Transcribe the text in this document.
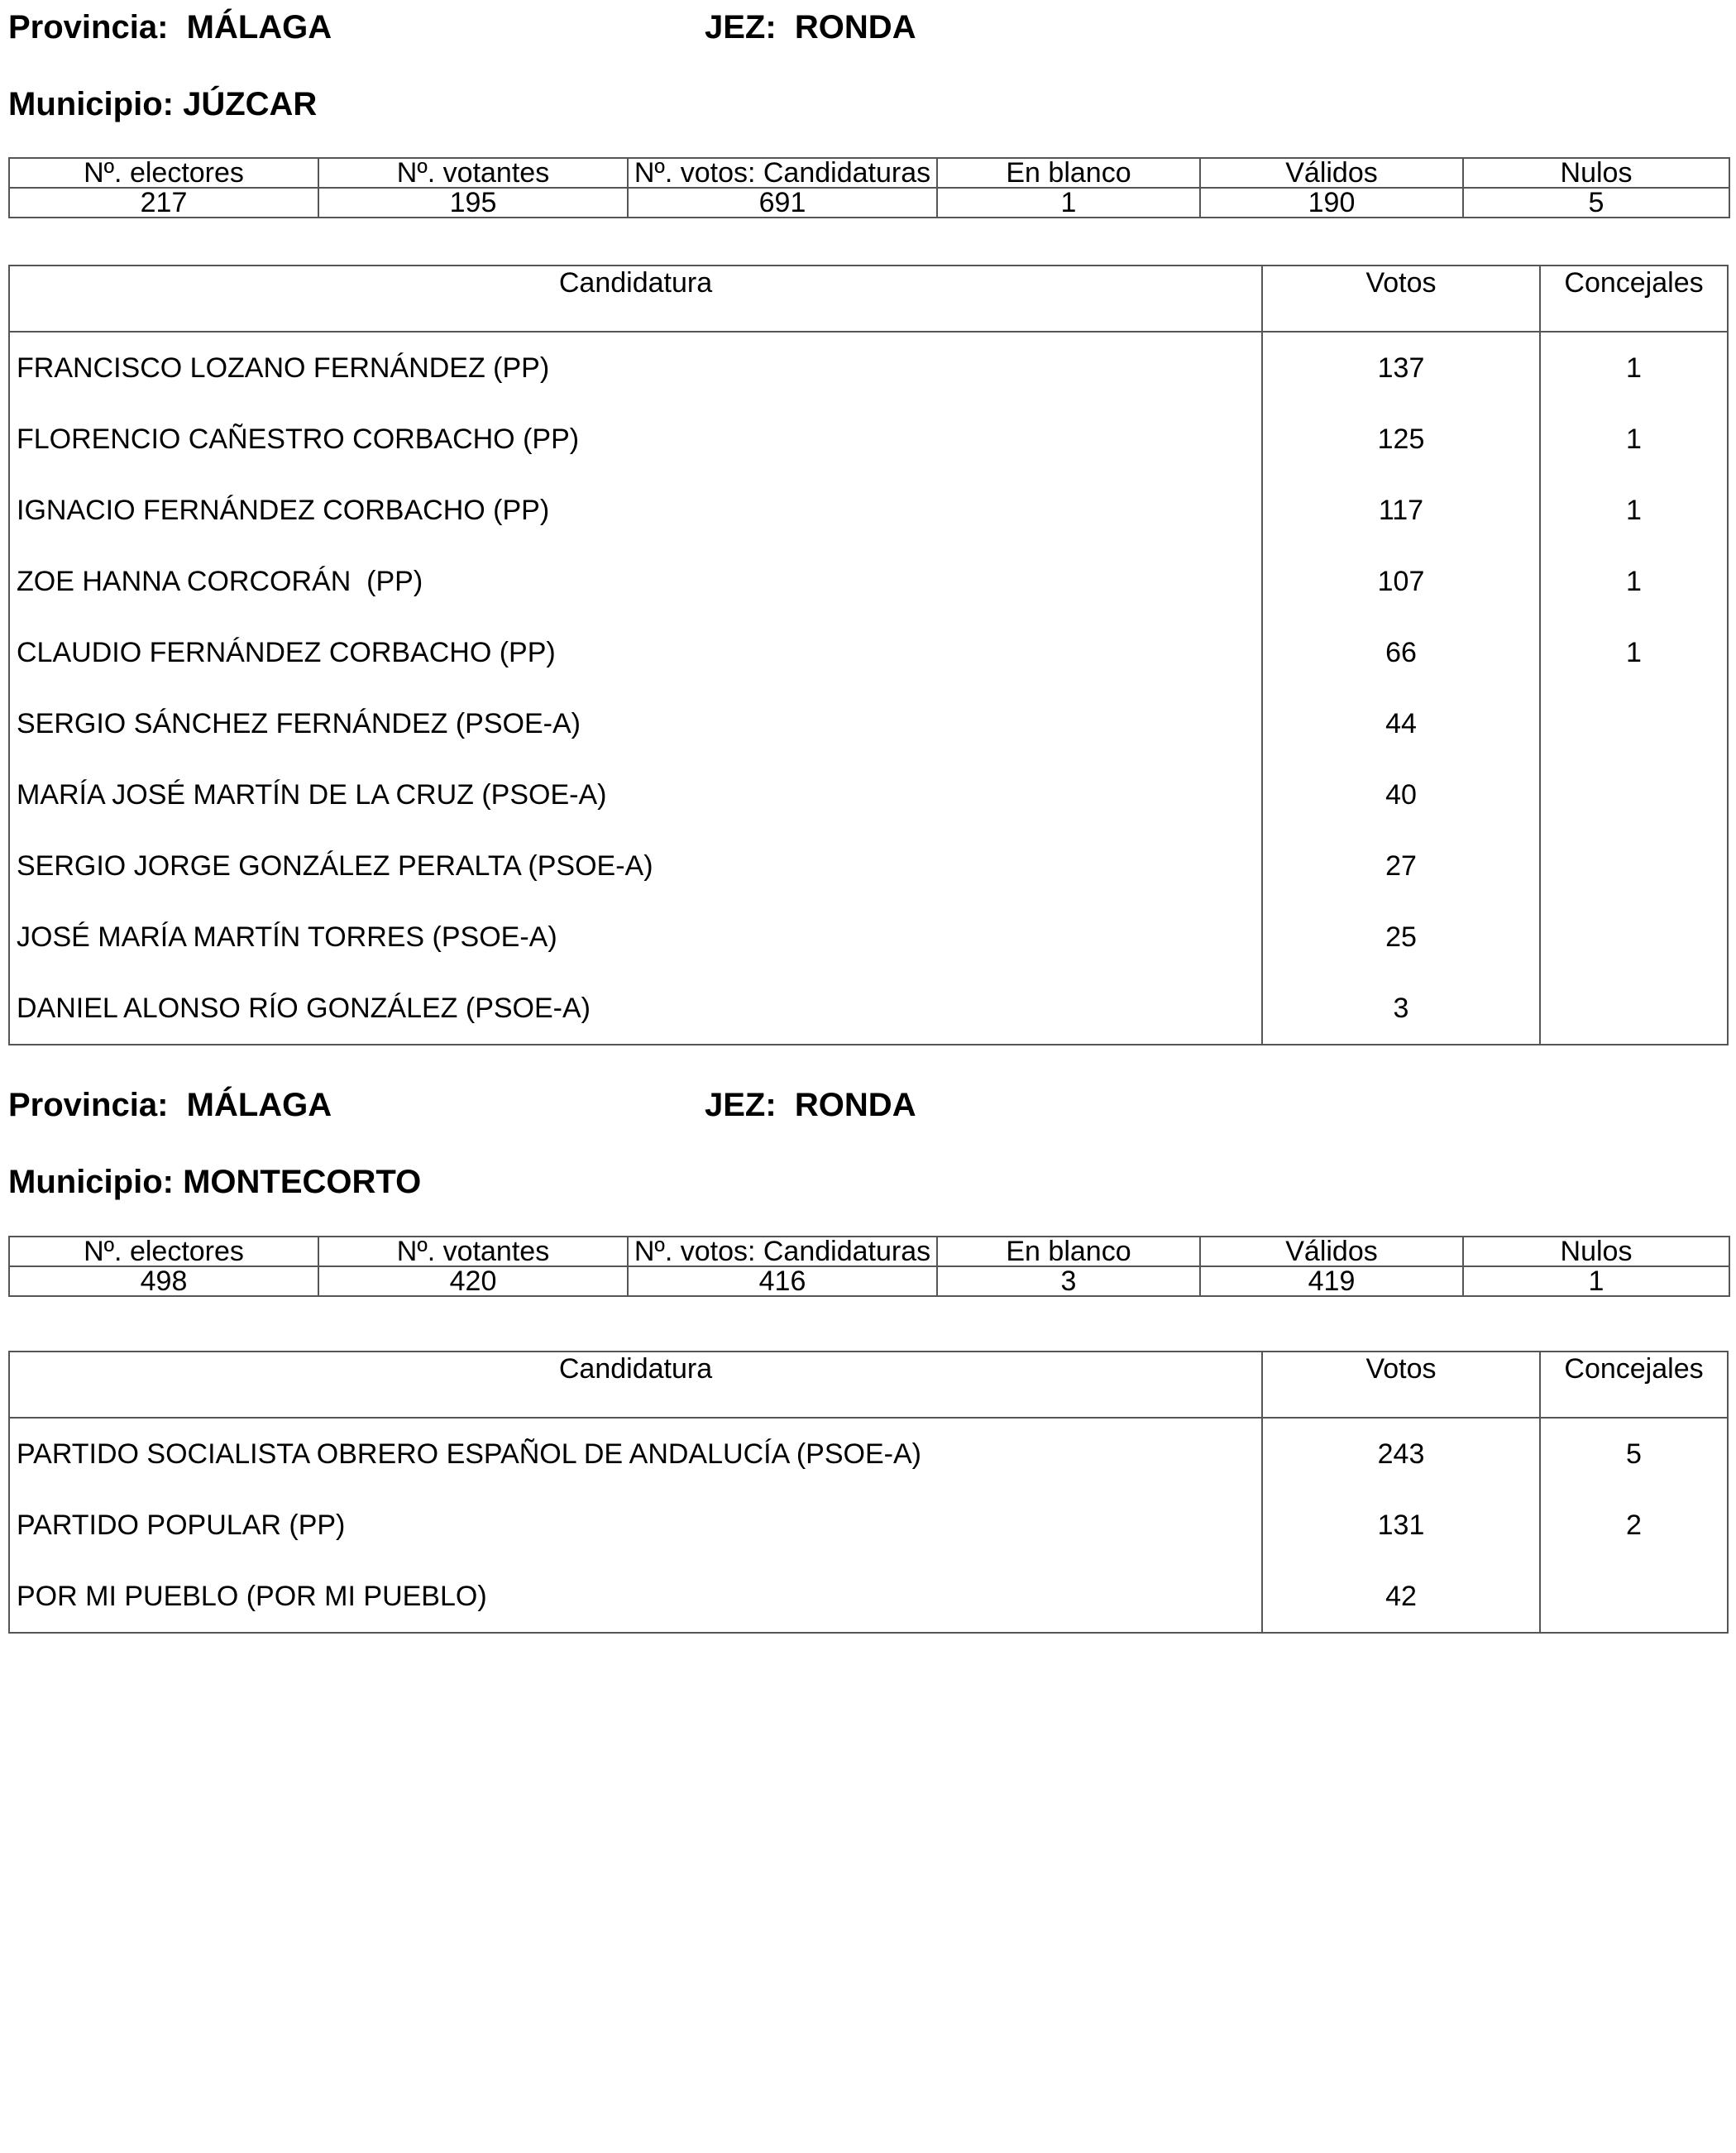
Provincia: MÁLAGA	JEZ: RONDA
Municipio: JÚZCAR
Nº. electores	Nº. votantes	Nº. votos: Candidaturas	En blanco	Válidos	Nulos
217	195	691	1	190	5
Candidatura	Votos	Concejales
FRANCISCO LOZANO FERNÁNDEZ (PP)	137	1
FLORENCIO CAÑESTRO CORBACHO (PP)	125	1
IGNACIO FERNÁNDEZ CORBACHO (PP)	117	1
ZOE HANNA CORCORÁN  (PP)	107	1
CLAUDIO FERNÁNDEZ CORBACHO (PP)	66	1
SERGIO SÁNCHEZ FERNÁNDEZ (PSOE-A)	44
MARÍA JOSÉ MARTÍN DE LA CRUZ (PSOE-A)	40
SERGIO JORGE GONZÁLEZ PERALTA (PSOE-A)	27
JOSÉ MARÍA MARTÍN TORRES (PSOE-A)	25
DANIEL ALONSO RÍO GONZÁLEZ (PSOE-A)	3
Provincia: MÁLAGA	JEZ: RONDA
Municipio: MONTECORTO
Nº. electores	Nº. votantes	Nº. votos: Candidaturas	En blanco	Válidos	Nulos
498	420	416	3	419	1
Candidatura	Votos	Concejales
PARTIDO SOCIALISTA OBRERO ESPAÑOL DE ANDALUCÍA (PSOE-A)	243	5
PARTIDO POPULAR (PP)	131	2
POR MI PUEBLO (POR MI PUEBLO)	42
